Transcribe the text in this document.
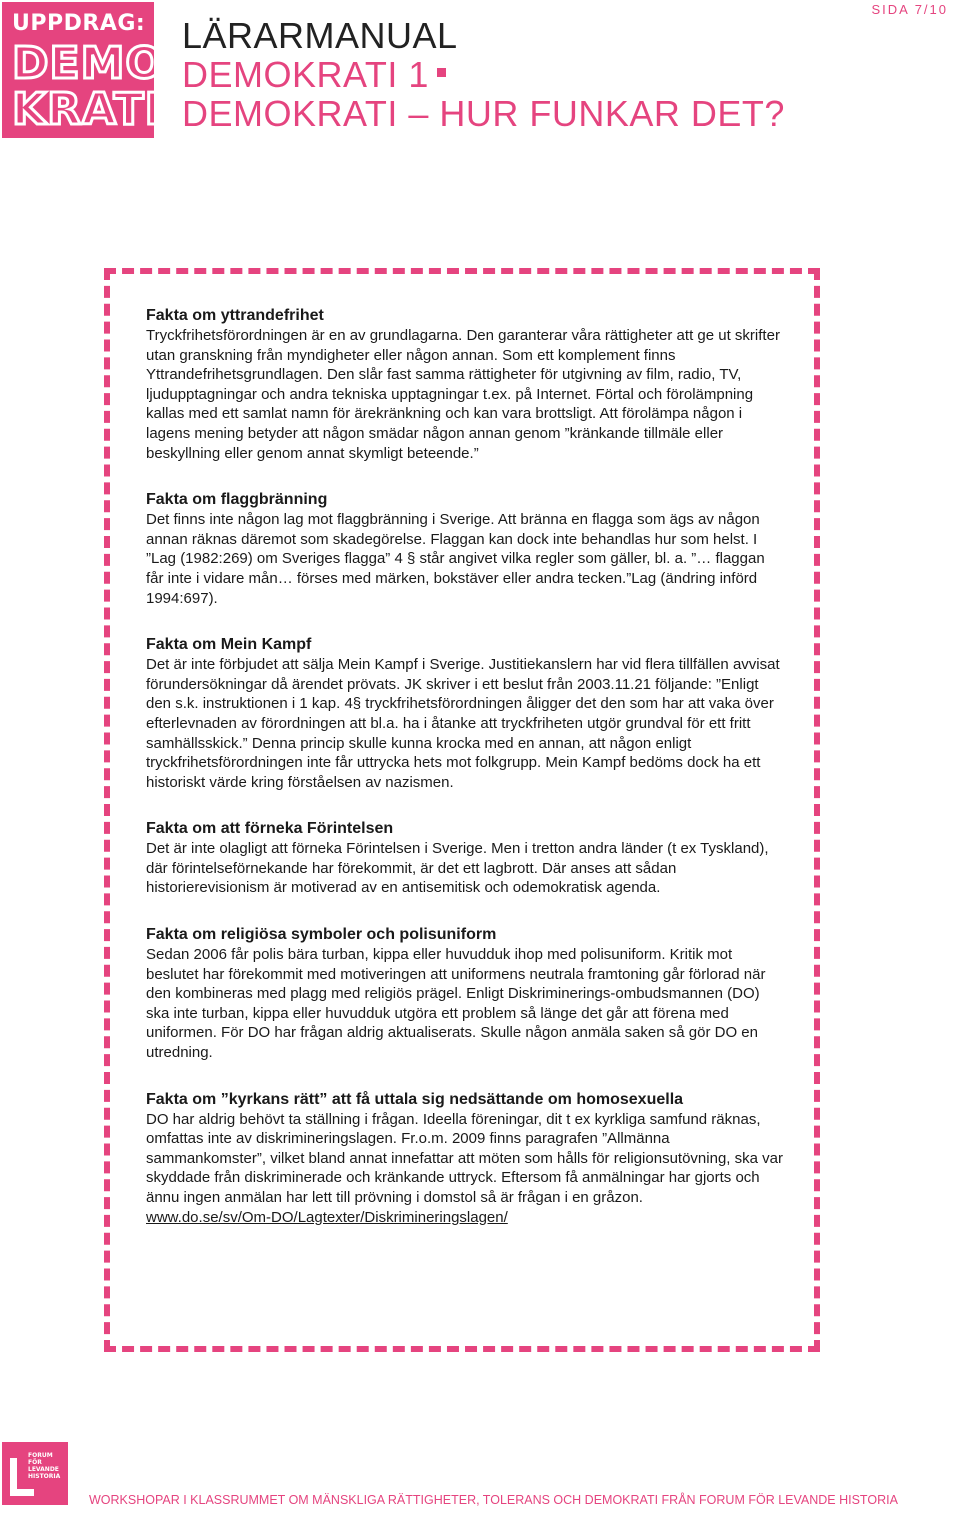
UPPDRAG:
DEMO
KRATI
LÄRARMANUAL
DEMOKRATI 1
DEMOKRATI – HUR FUNKAR DET?
SIDA 7/10
Fakta om yttrandefrihet

Tryckfrihetsförordningen är en av grundlagarna. Den garanterar våra rättigheter att ge ut skrifter utan granskning från myndigheter eller någon annan. Som ett komplement finns Yttrandefrihetsgrundlagen. Den slår fast samma rättigheter för utgivning av film, radio, TV, ljudupptagningar och andra tekniska upptagningar t.ex. på Internet. Förtal och förolämpning kallas med ett samlat namn för ärekränkning och kan vara brottsligt. Att förolämpa någon i lagens mening betyder att någon smädar någon annan genom ”kränkande tillmäle eller beskyllning eller genom annat skymligt beteende.”

Fakta om flaggbränning

Det finns inte någon lag mot flaggbränning i Sverige. Att bränna en flagga som ägs av någon annan räknas däremot som skadegörelse. Flaggan kan dock inte behandlas hur som helst. I ”Lag (1982:269) om Sveriges flagga” 4 § står angivet vilka regler som gäller, bl. a. ”… flaggan får inte i vidare mån… förses med märken, bokstäver eller andra tecken.”Lag (ändring införd 1994:697).

Fakta om Mein Kampf

Det är inte förbjudet att sälja Mein Kampf i Sverige. Justitiekanslern har vid flera tillfällen avvisat förundersökningar då ärendet prövats. JK skriver i ett beslut från 2003.11.21 följande: ”Enligt den s.k. instruktionen i 1 kap. 4§ tryckfrihetsförordningen åligger det den som har att vaka över efterlevnaden av förordningen att bl.a. ha i åtanke att tryckfriheten utgör grundval för ett fritt samhällsskick.” Denna princip skulle kunna krocka med en annan, att någon enligt tryckfrihetsförordningen inte får uttrycka hets mot folkgrupp. Mein Kampf bedöms dock ha ett historiskt värde kring förståelsen av nazismen.

Fakta om att förneka Förintelsen

Det är inte olagligt att förneka Förintelsen i Sverige. Men i tretton andra länder (t ex Tyskland), där förintelseförnekande har förekommit, är det ett lagbrott. Där anses att sådan historierevisionism är motiverad av en antisemitisk och odemokratisk agenda.

Fakta om religiösa symboler och polisuniform

Sedan 2006 får polis bära turban, kippa eller huvudduk ihop med polisuniform. Kritik mot beslutet har förekommit med motiveringen att uniformens neutrala framtoning går förlorad när den kombineras med plagg med religiös prägel. Enligt Diskriminerings-ombudsmannen (DO) ska inte turban, kippa eller huvudduk utgöra ett problem så länge det går att förena med uniformen. För DO har frågan aldrig aktualiserats. Skulle någon anmäla saken så gör DO en utredning.

Fakta om ”kyrkans rätt” att få uttala sig nedsättande om homosexuella

DO har aldrig behövt ta ställning i frågan. Ideella föreningar, dit t ex kyrkliga samfund räknas, omfattas inte av diskrimineringslagen. Fr.o.m. 2009 finns paragrafen ”Allmänna sammankomster”, vilket bland annat innefattar att möten som hålls för religionsutövning, ska var skyddade från diskriminerade och kränkande uttryck. Eftersom få anmälningar har gjorts och ännu ingen anmälan har lett till prövning i domstol så är frågan i en gråzon.

www.do.se/sv/Om-DO/Lagtexter/Diskrimineringslagen/

FORUM
FÖR
LEVANDE
HISTORIA
WORKSHOPAR I KLASSRUMMET OM MÄNSKLIGA RÄTTIGHETER, TOLERANS OCH DEMOKRATI FRÅN FORUM FÖR LEVANDE HISTORIA
